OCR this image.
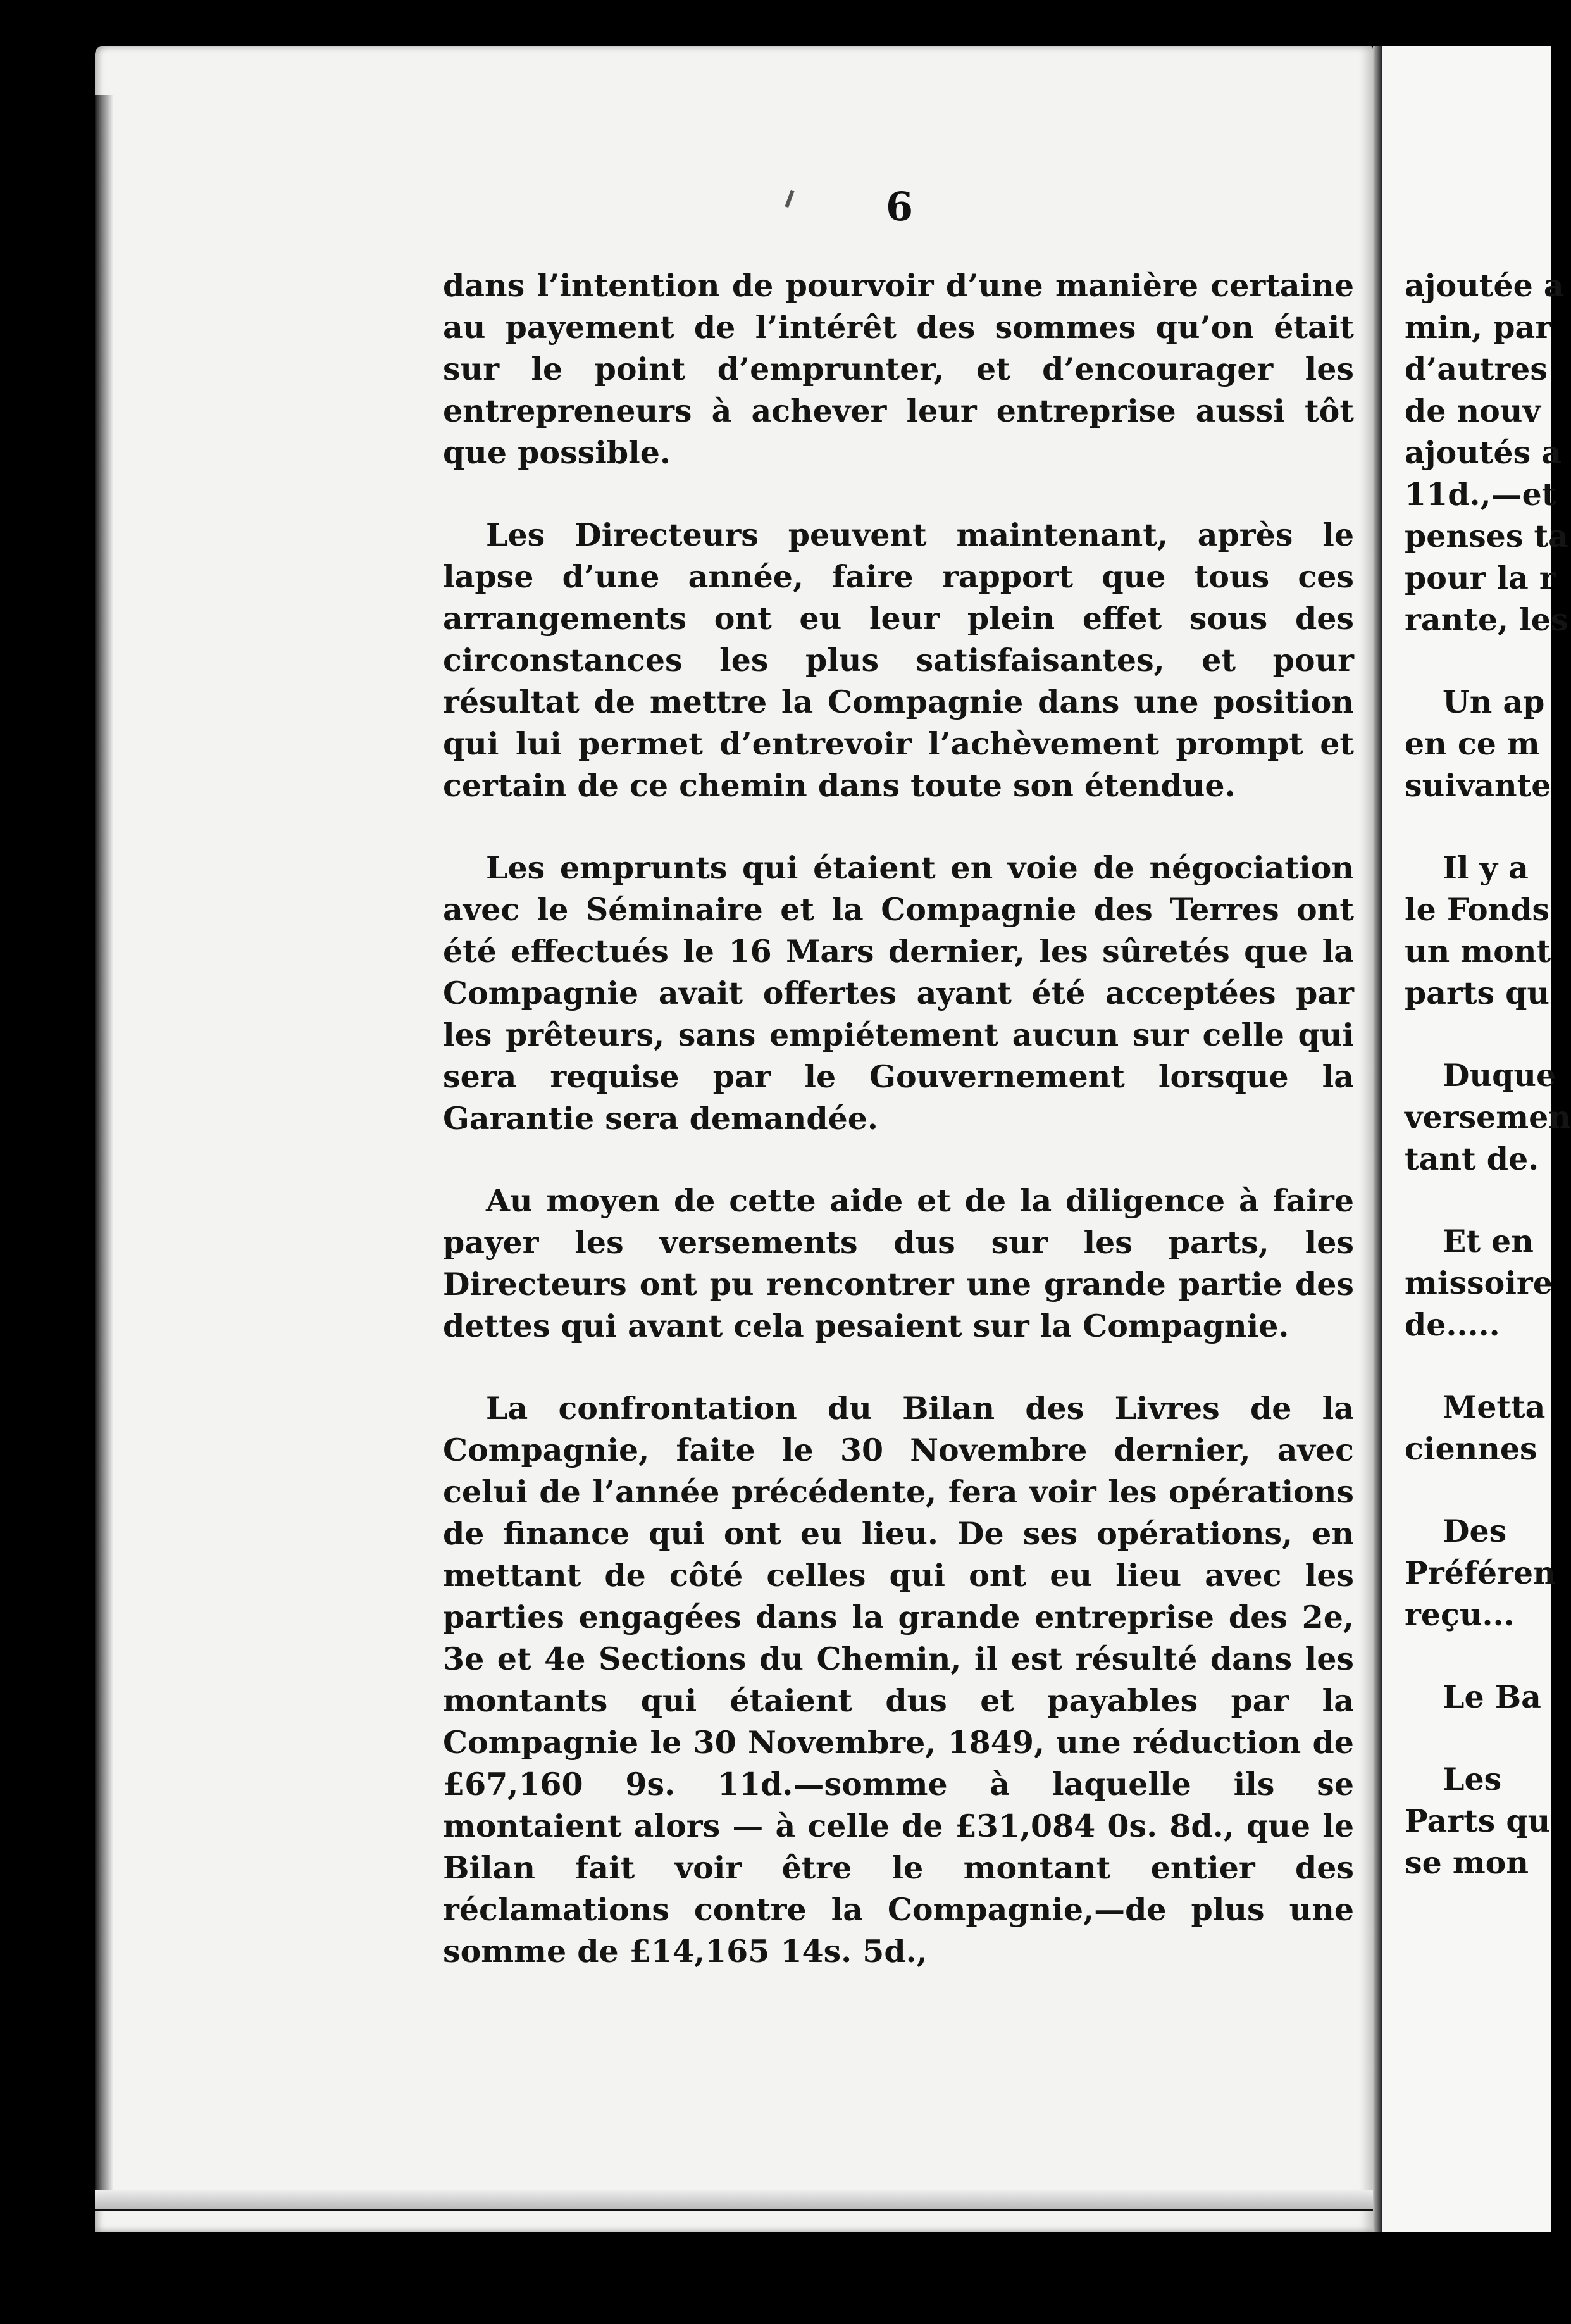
6

dans l’intention de pourvoir d’une manière certaine au payement de l’intérêt des sommes qu’on était sur le point d’emprunter, et d’encourager les entrepreneurs à achever leur entreprise aussi tôt que possible.

Les Directeurs peuvent maintenant, après le lapse d’une année, faire rapport que tous ces arrangements ont eu leur plein effet sous des circonstances les plus satisfaisantes, et pour résultat de mettre la Compagnie dans une position qui lui permet d’entrevoir l’achèvement prompt et certain de ce chemin dans toute son étendue.

Les emprunts qui étaient en voie de négociation avec le Séminaire et la Compagnie des Terres ont été effectués le 16 Mars dernier, les sûretés que la Compagnie avait offertes ayant été acceptées par les prêteurs, sans empiétement aucun sur celle qui sera requise par le Gouvernement lorsque la Garantie sera demandée.

Au moyen de cette aide et de la diligence à faire payer les versements dus sur les parts, les Directeurs ont pu rencontrer une grande partie des dettes qui avant cela pesaient sur la Compagnie.

La confrontation du Bilan des Livres de la Compagnie, faite le 30 Novembre dernier, avec celui de l’année précédente, fera voir les opérations de finance qui ont eu lieu. De ses opérations, en mettant de côté celles qui ont eu lieu avec les parties engagées dans la grande entreprise des 2e, 3e et 4e Sections du Chemin, il est résulté dans les montants qui étaient dus et payables par la Compagnie le 30 Novembre, 1849, une réduction de £67,160 9s. 11d.—somme à laquelle ils se montaient alors — à celle de £31,084 0s. 8d., que le Bilan fait voir être le montant entier des réclamations contre la Compagnie,—de plus une somme de £14,165 14s. 5d.,

ajoutée a
min, par
d’autres
de nouv
ajoutés a
11d.,—et
penses ta
pour la r
rante, les
Un ap
en ce m
suivante
Il y a
le Fonds
un mont
parts qu
Duque
versemen
tant de.
Et en
missoire
de.....
Metta
ciennes
Des
Préféren
reçu...
Le Ba
Les
Parts qu
se mon
